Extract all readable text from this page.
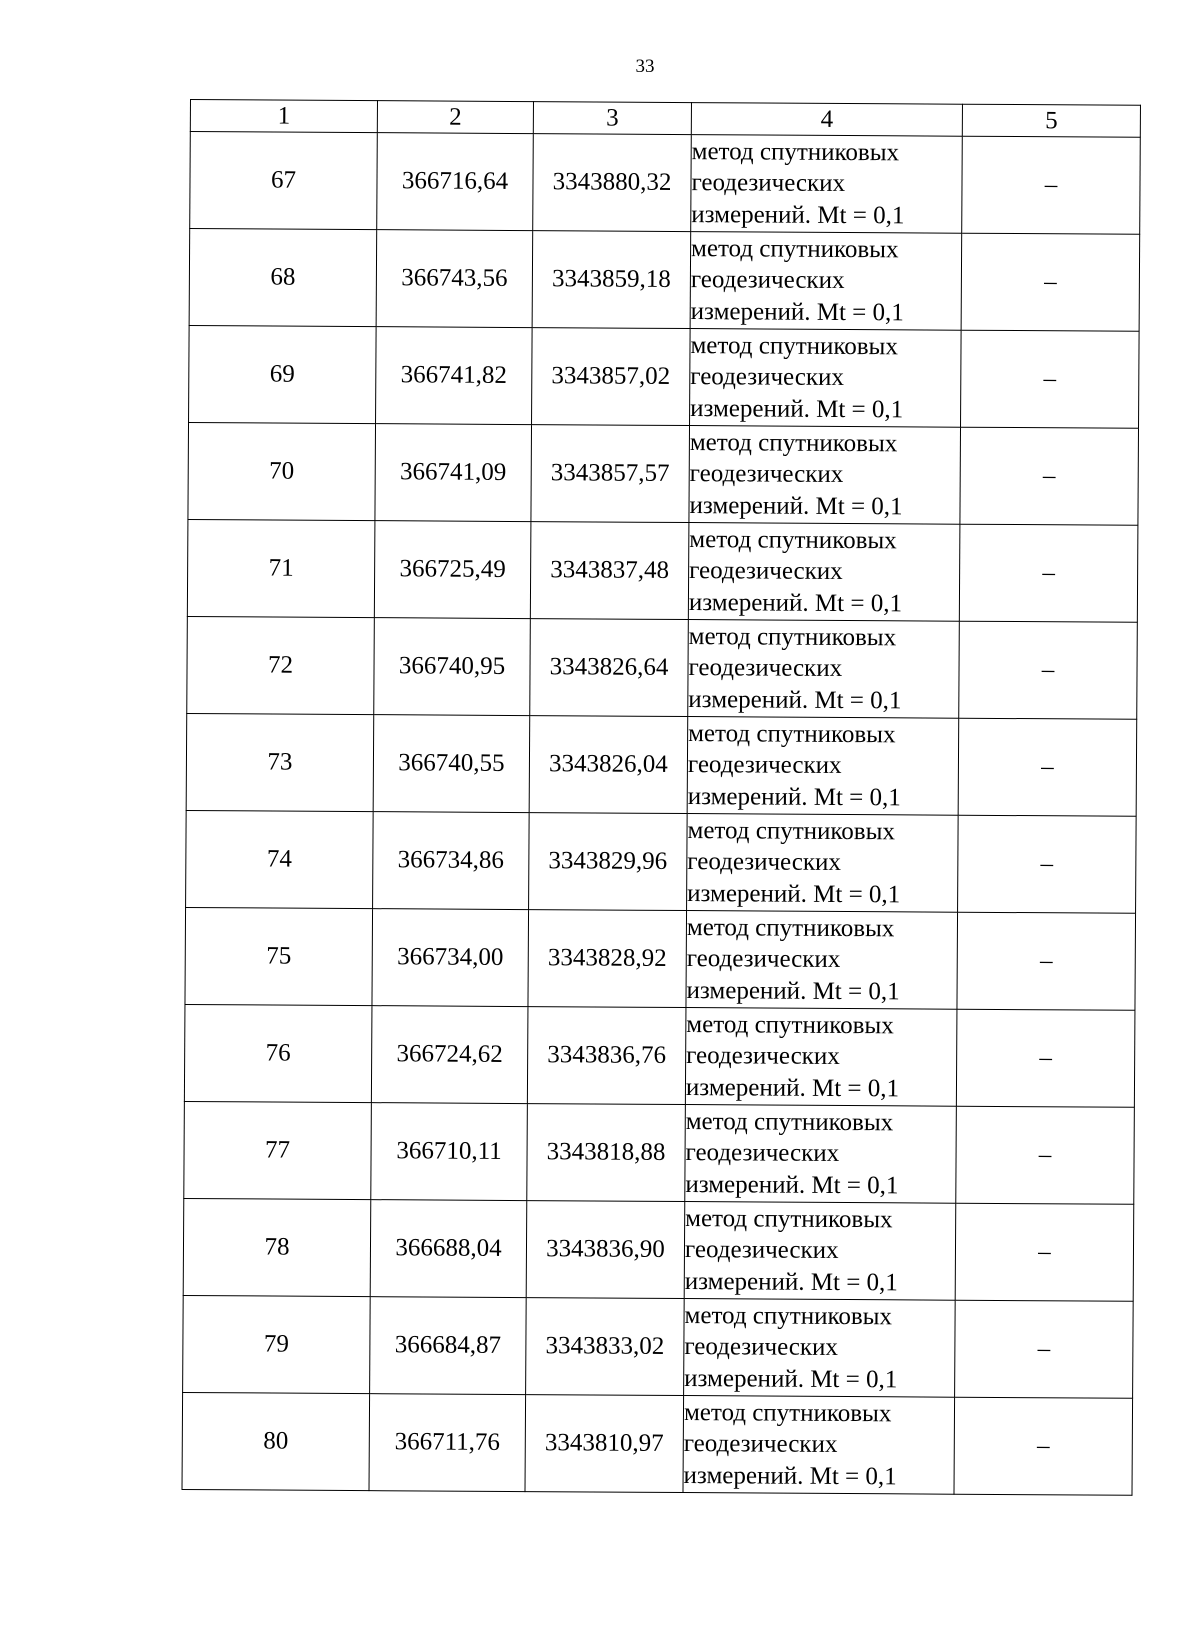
33
1	2	3	4	5
67	366716,64	3343880,32	метод спутниковых
геодезических
измерений. Mt = 0,1	–
68	366743,56	3343859,18	метод спутниковых
геодезических
измерений. Mt = 0,1	–
69	366741,82	3343857,02	метод спутниковых
геодезических
измерений. Mt = 0,1	–
70	366741,09	3343857,57	метод спутниковых
геодезических
измерений. Mt = 0,1	–
71	366725,49	3343837,48	метод спутниковых
геодезических
измерений. Mt = 0,1	–
72	366740,95	3343826,64	метод спутниковых
геодезических
измерений. Mt = 0,1	–
73	366740,55	3343826,04	метод спутниковых
геодезических
измерений. Mt = 0,1	–
74	366734,86	3343829,96	метод спутниковых
геодезических
измерений. Mt = 0,1	–
75	366734,00	3343828,92	метод спутниковых
геодезических
измерений. Mt = 0,1	–
76	366724,62	3343836,76	метод спутниковых
геодезических
измерений. Mt = 0,1	–
77	366710,11	3343818,88	метод спутниковых
геодезических
измерений. Mt = 0,1	–
78	366688,04	3343836,90	метод спутниковых
геодезических
измерений. Mt = 0,1	–
79	366684,87	3343833,02	метод спутниковых
геодезических
измерений. Mt = 0,1	–
80	366711,76	3343810,97	метод спутниковых
геодезических
измерений. Mt = 0,1	–
